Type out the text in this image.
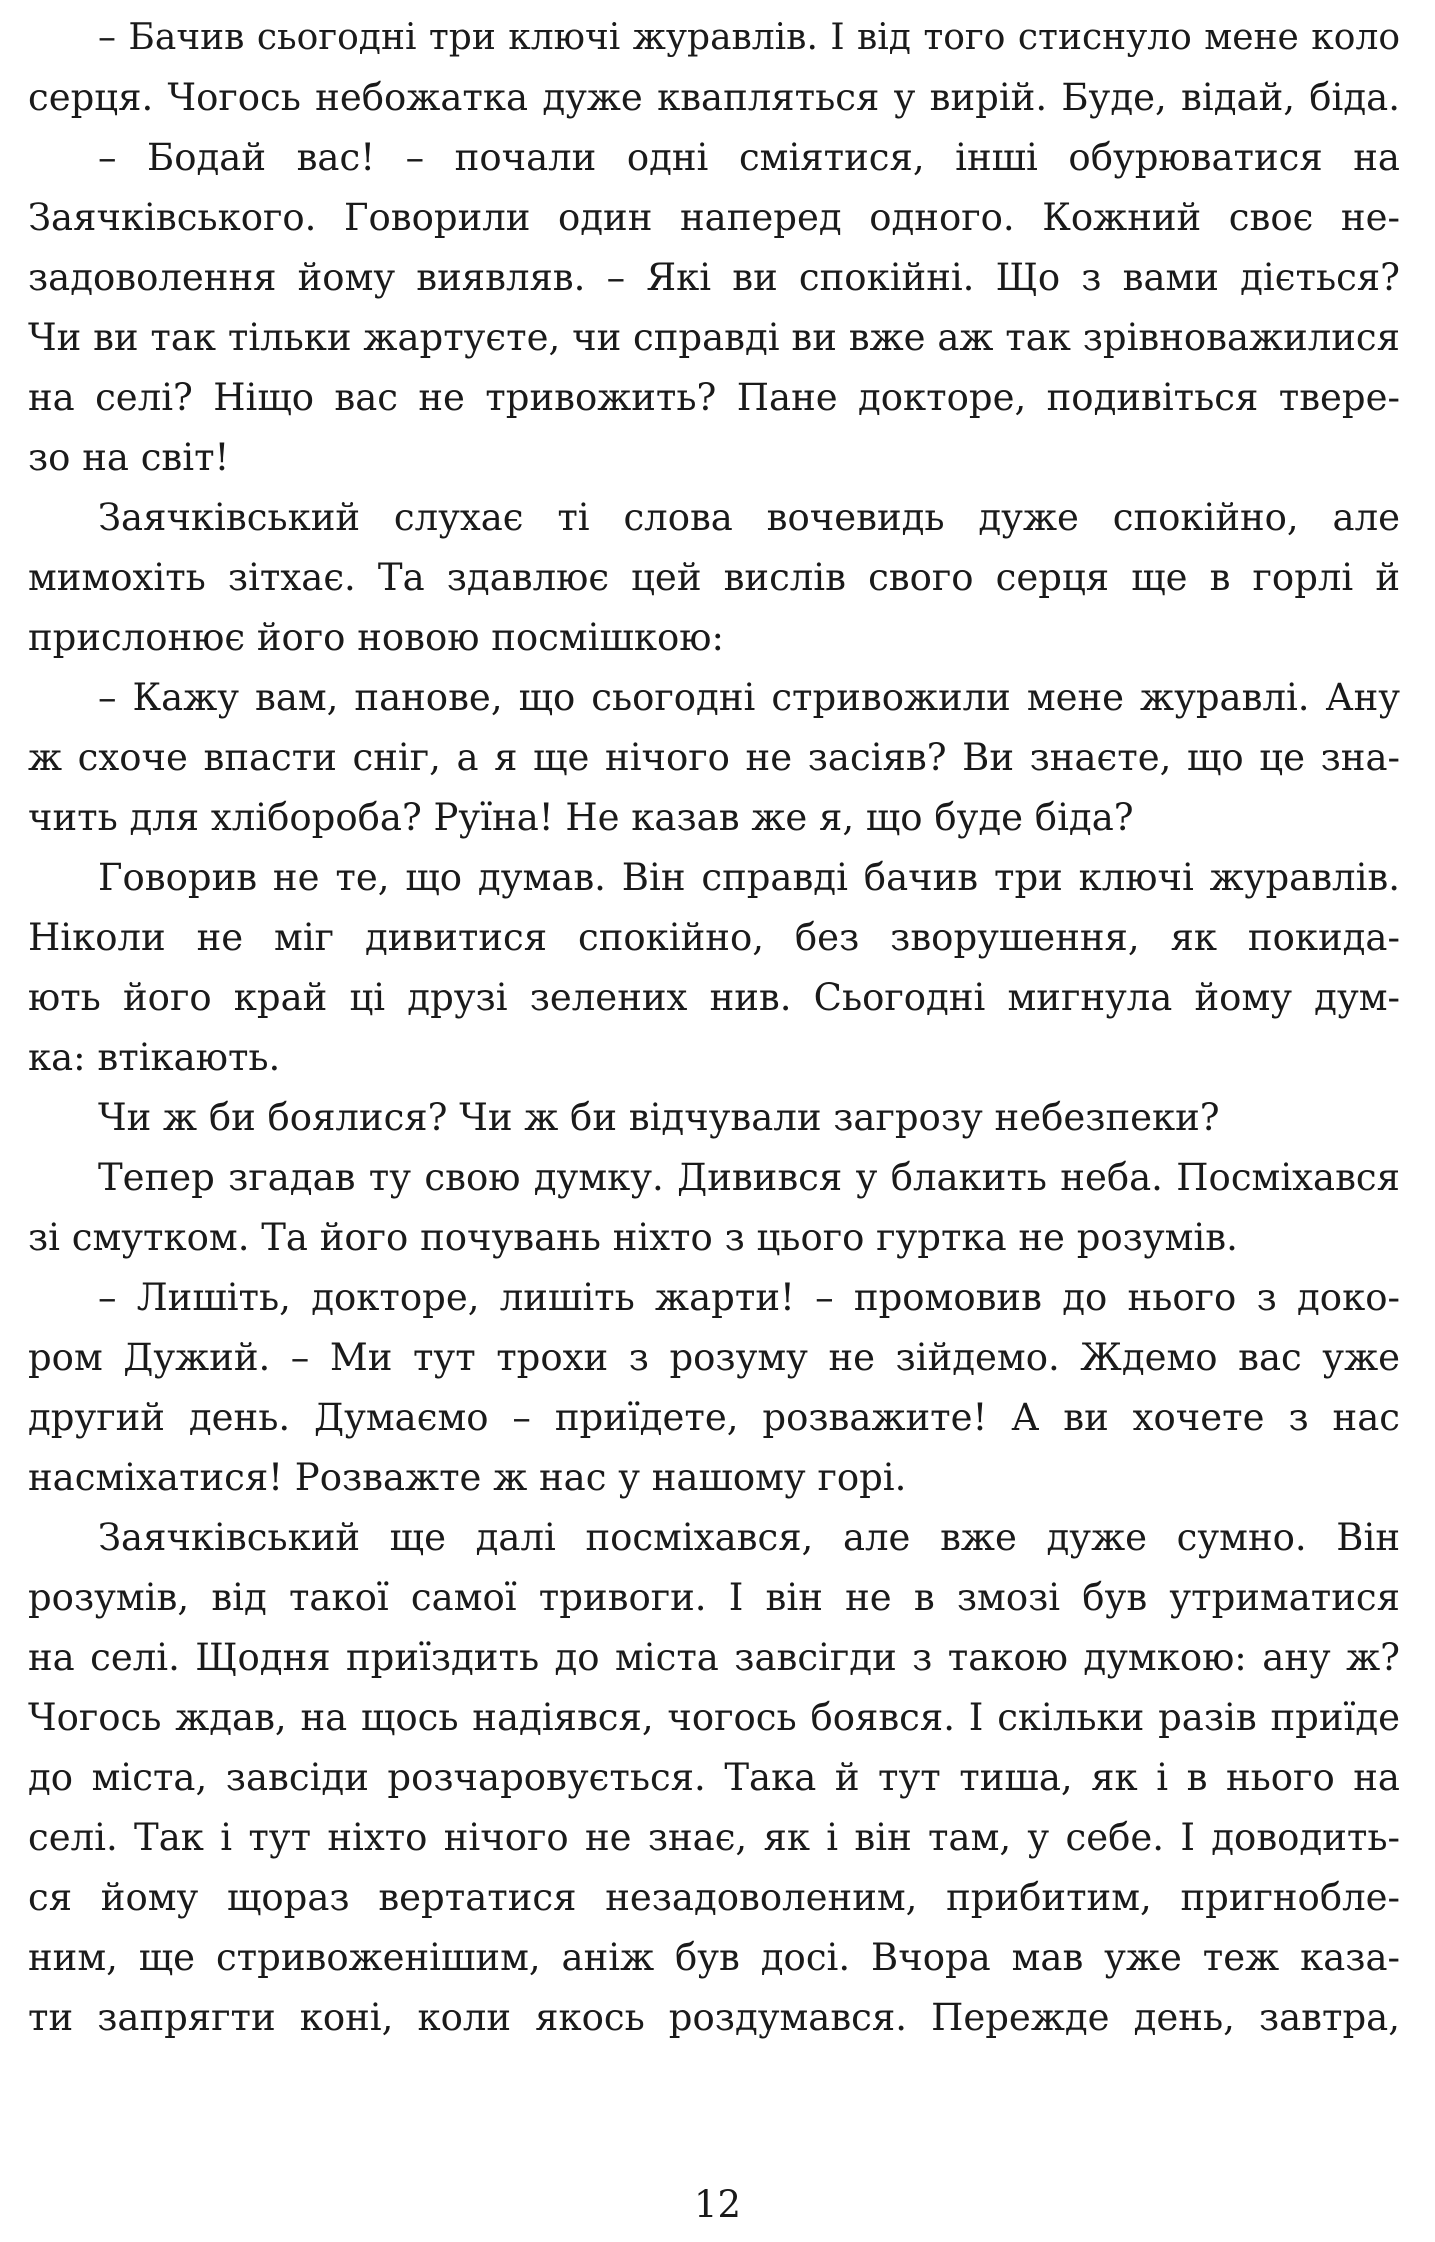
– Бачив сьогодні три ключі журавлів. І від того стиснуло мене коло
серця. Чогось небожатка дуже кваплятьcя у вирій. Буде, відай, біда.
– Бодай вас! – почали одні сміятися, інші обурюватися на
Заячківського. Говорили один наперед одного. Кожний своє не-
задоволення йому виявляв. – Які ви спокійні. Що з вами діється?
Чи ви так тільки жартуєте, чи справді ви вже аж так зрівноважилися
на селі? Ніщо вас не тривожить? Пане докторе, подивіться твере-
зо на світ!
Заячківський слухає ті слова вочевидь дуже спокійно, але
мимохіть зітхає. Та здавлює цей вислів свого серця ще в горлі й
прислонює його новою посмішкою:
– Кажу вам, панове, що сьогодні стривожили мене журавлі. Ану
ж схоче впасти сніг, а я ще нічого не засіяв? Ви знаєте, що це зна-
чить для хлібороба? Руїна! Не казав же я, що буде біда?
Говорив не те, що думав. Він справді бачив три ключі журавлів.
Ніколи не міг дивитися спокійно, без зворушення, як покида-
ють його край ці друзі зелених нив. Сьогодні мигнула йому дум-
ка: втікають.
Чи ж би боялися? Чи ж би відчували загрозу небезпеки?
Тепер згадав ту свою думку. Дивився у блакить неба. Посміхався
зі смутком. Та його почувань ніхто з цього гуртка не розумів.
– Лишіть, докторе, лишіть жарти! – промовив до нього з доко-
ром Дужий. – Ми тут трохи з розуму не зійдемо. Ждемо вас уже
другий день. Думаємо – приїдете, розважите! А ви хочете з нас
насміхатися! Розважте ж нас у нашому горі.
Заячківський ще далі посміхався, але вже дуже сумно. Він
розумів, від такої самої тривоги. І він не в змозі був утриматися
на селі. Щодня приїздить до міста завсігди з такою думкою: ану ж?
Чогось ждав, на щось надіявся, чогось боявся. І скільки разів приїде
до міста, завсіди розчаровується. Така й тут тиша, як і в нього на
селі. Так і тут ніхто нічого не знає, як і він там, у себе. І доводить-
ся йому щораз вертатися незадоволеним, прибитим, пригнобле-
ним, ще стривоженішим, аніж був досі. Вчора мав уже теж каза-
ти запрягти коні, коли якось роздумався. Пережде день, завтра,
12
